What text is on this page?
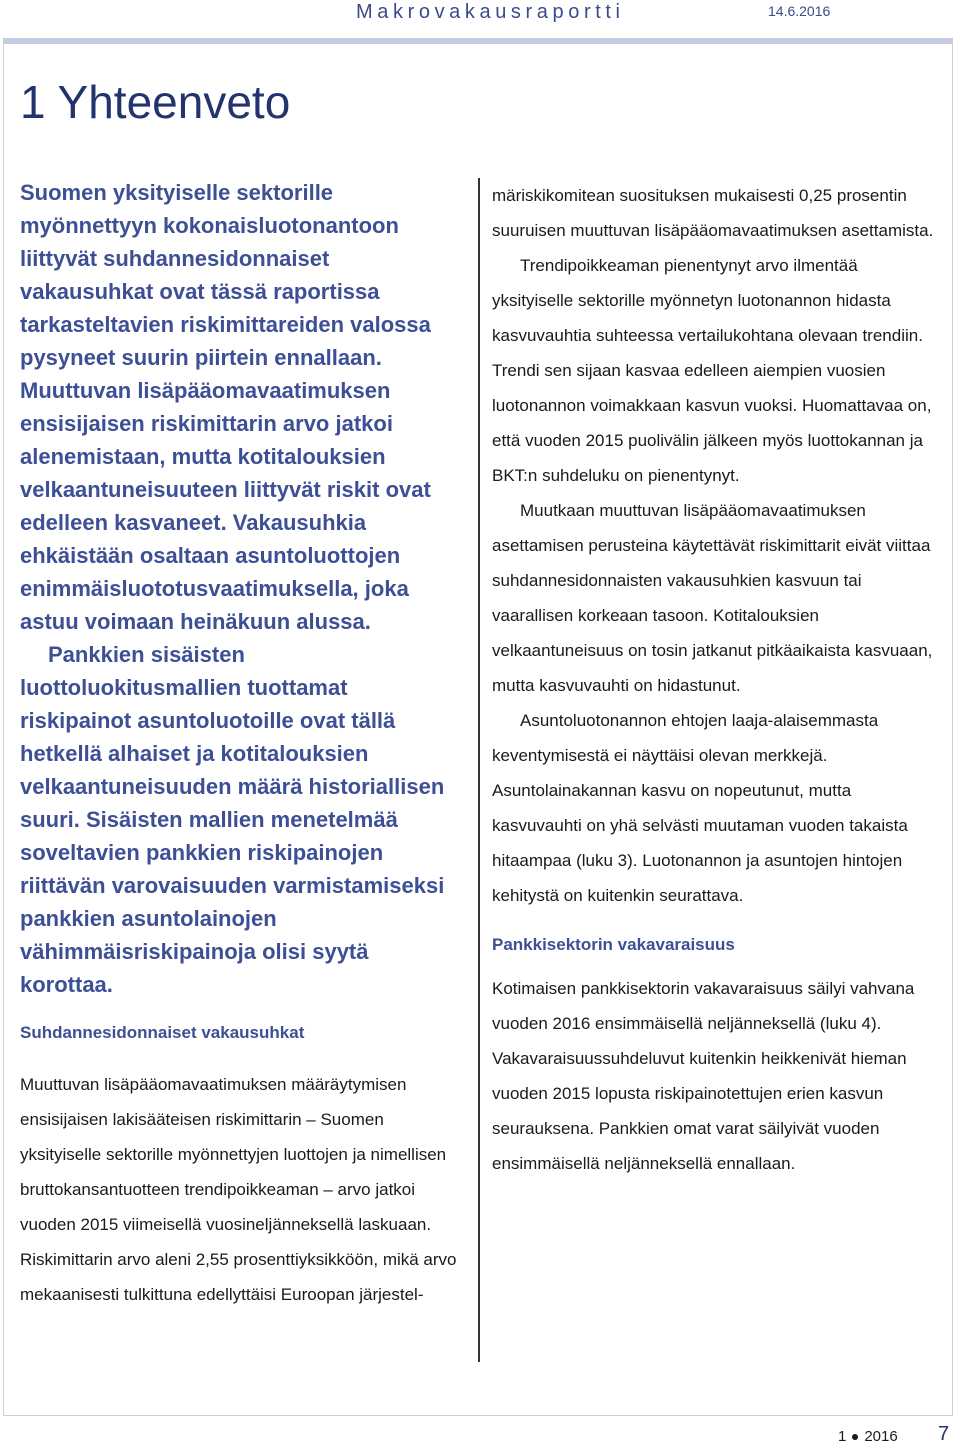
Makrovakausraportti	14.6.2016
1 Yhteenveto

Suomen yksityiselle sektorille myönnettyyn kokonaisluotonantoon liittyvät suhdannesidonnaiset vakausuhkat ovat tässä raportissa tarkasteltavien riskimittareiden valossa pysyneet suurin piirtein ennallaan. Muuttuvan lisäpääomavaatimuksen ensisijaisen riskimittarin arvo jatkoi alenemistaan, mutta kotitalouksien velkaantuneisuuteen liittyvät riskit ovat edelleen kasvaneet. Vakausuhkia ehkäistään osaltaan asuntoluottojen enimmäisluototusvaatimuksella, joka astuu voimaan heinäkuun alussa.

Pankkien sisäisten luottoluokitusmallien tuottamat riskipainot asuntoluotoille ovat tällä hetkellä alhaiset ja kotitalouksien velkaantuneisuuden määrä historiallisen suuri. Sisäisten mallien menetelmää soveltavien pankkien riskipainojen riittävän varovaisuuden varmistamiseksi pankkien asuntolainojen vähimmäisriskipainoja olisi syytä korottaa.

Suhdannesidonnaiset vakausuhkat

Muuttuvan lisäpääomavaatimuksen määräytymisen ensisijaisen lakisääteisen riskimittarin – Suomen yksityiselle sektorille myönnettyjen luottojen ja nimellisen bruttokansantuotteen trendipoikkeaman – arvo jatkoi vuoden 2015 viimeisellä vuosineljänneksellä laskuaan. Riskimittarin arvo aleni 2,55 prosenttiyksikköön, mikä arvo mekaanisesti tulkittuna edellyttäisi Euroopan järjestel-

märiskikomitean suosituksen mukaisesti 0,25 prosentin suuruisen muuttuvan lisäpääomavaatimuksen asettamista.

Trendipoikkeaman pienentynyt arvo ilmentää yksityiselle sektorille myönnetyn luotonannon hidasta kasvuvauhtia suhteessa vertailukohtana olevaan trendiin. Trendi sen sijaan kasvaa edelleen aiempien vuosien luotonannon voimakkaan kasvun vuoksi. Huomattavaa on, että vuoden 2015 puolivälin jälkeen myös luottokannan ja BKT:n suhdeluku on pienentynyt.

Muutkaan muuttuvan lisäpääomavaatimuksen asettamisen perusteina käytettävät riskimittarit eivät viittaa suhdannesidonnaisten vakausuhkien kasvuun tai vaarallisen korkeaan tasoon. Kotitalouksien velkaantuneisuus on tosin jatkanut pitkäaikaista kasvuaan, mutta kasvuvauhti on hidastunut.

Asuntoluotonannon ehtojen laaja-alaisemmasta keventymisestä ei näyttäisi olevan merkkejä. Asuntolainakannan kasvu on nopeutunut, mutta kasvuvauhti on yhä selvästi muutaman vuoden takaista hitaampaa (luku 3). Luotonannon ja asuntojen hintojen kehitystä on kuitenkin seurattava.

Pankkisektorin vakavaraisuus

Kotimaisen pankkisektorin vakavaraisuus säilyi vahvana vuoden 2016 ensimmäisellä neljänneksellä (luku 4). Vakavaraisuussuhdeluvut kuitenkin heikkenivät hieman vuoden 2015 lopusta riskipainotettujen erien kasvun seurauksena. Pankkien omat varat säilyivät vuoden ensimmäisellä neljänneksellä ennallaan.

1 2016 7
